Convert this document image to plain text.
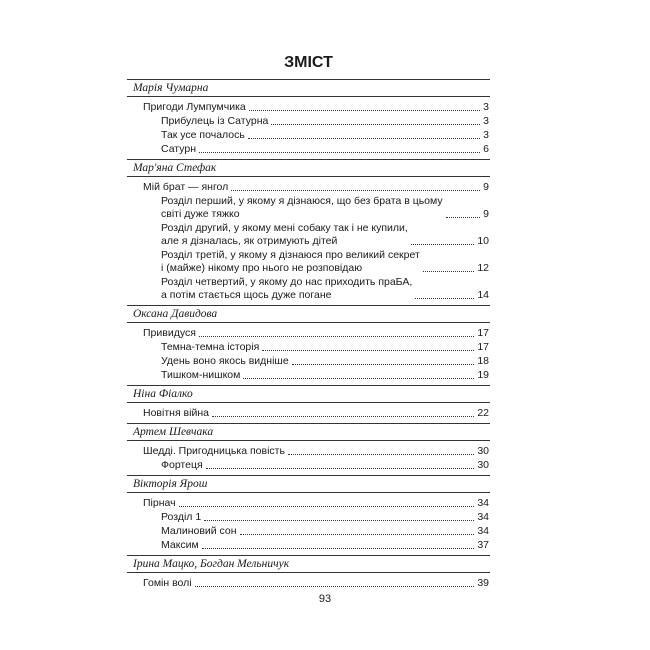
ЗМІСТ
Марія Чумарна
Пригоди Лумпумчика	3
Прибулець із Сатурна	3
Так усе почалось	3
Сатурн	6
Мар'яна Стефак
Мій брат — янгол	9
Розділ перший, у якому я дізнаюся, що без брата в цьому
світі дуже тяжко	9
Розділ другий, у якому мені собаку так і не купили,
але я дізналась, як отримують дітей	10
Розділ третій, у якому я дізнаюся про великий секрет
і (майже) нікому про нього не розповідаю	12
Розділ четвертий, у якому до нас приходить праБА,
а потім стається щось дуже погане	14
Оксана Давидова
Привидуся	17
Темна-темна історія	17
Удень воно якось видніше	18
Тишком-нишком	19
Ніна Фіалко
Новітня війна	22
Артем Шевчака
Шедді. Пригодницька повість	30
Фортеця	30
Вікторія Ярош
Пірнач	34
Розділ 1	34
Малиновий сон	34
Максим	37
Ірина Мацко, Богдан Мельничук
Гомін волі	39
93
